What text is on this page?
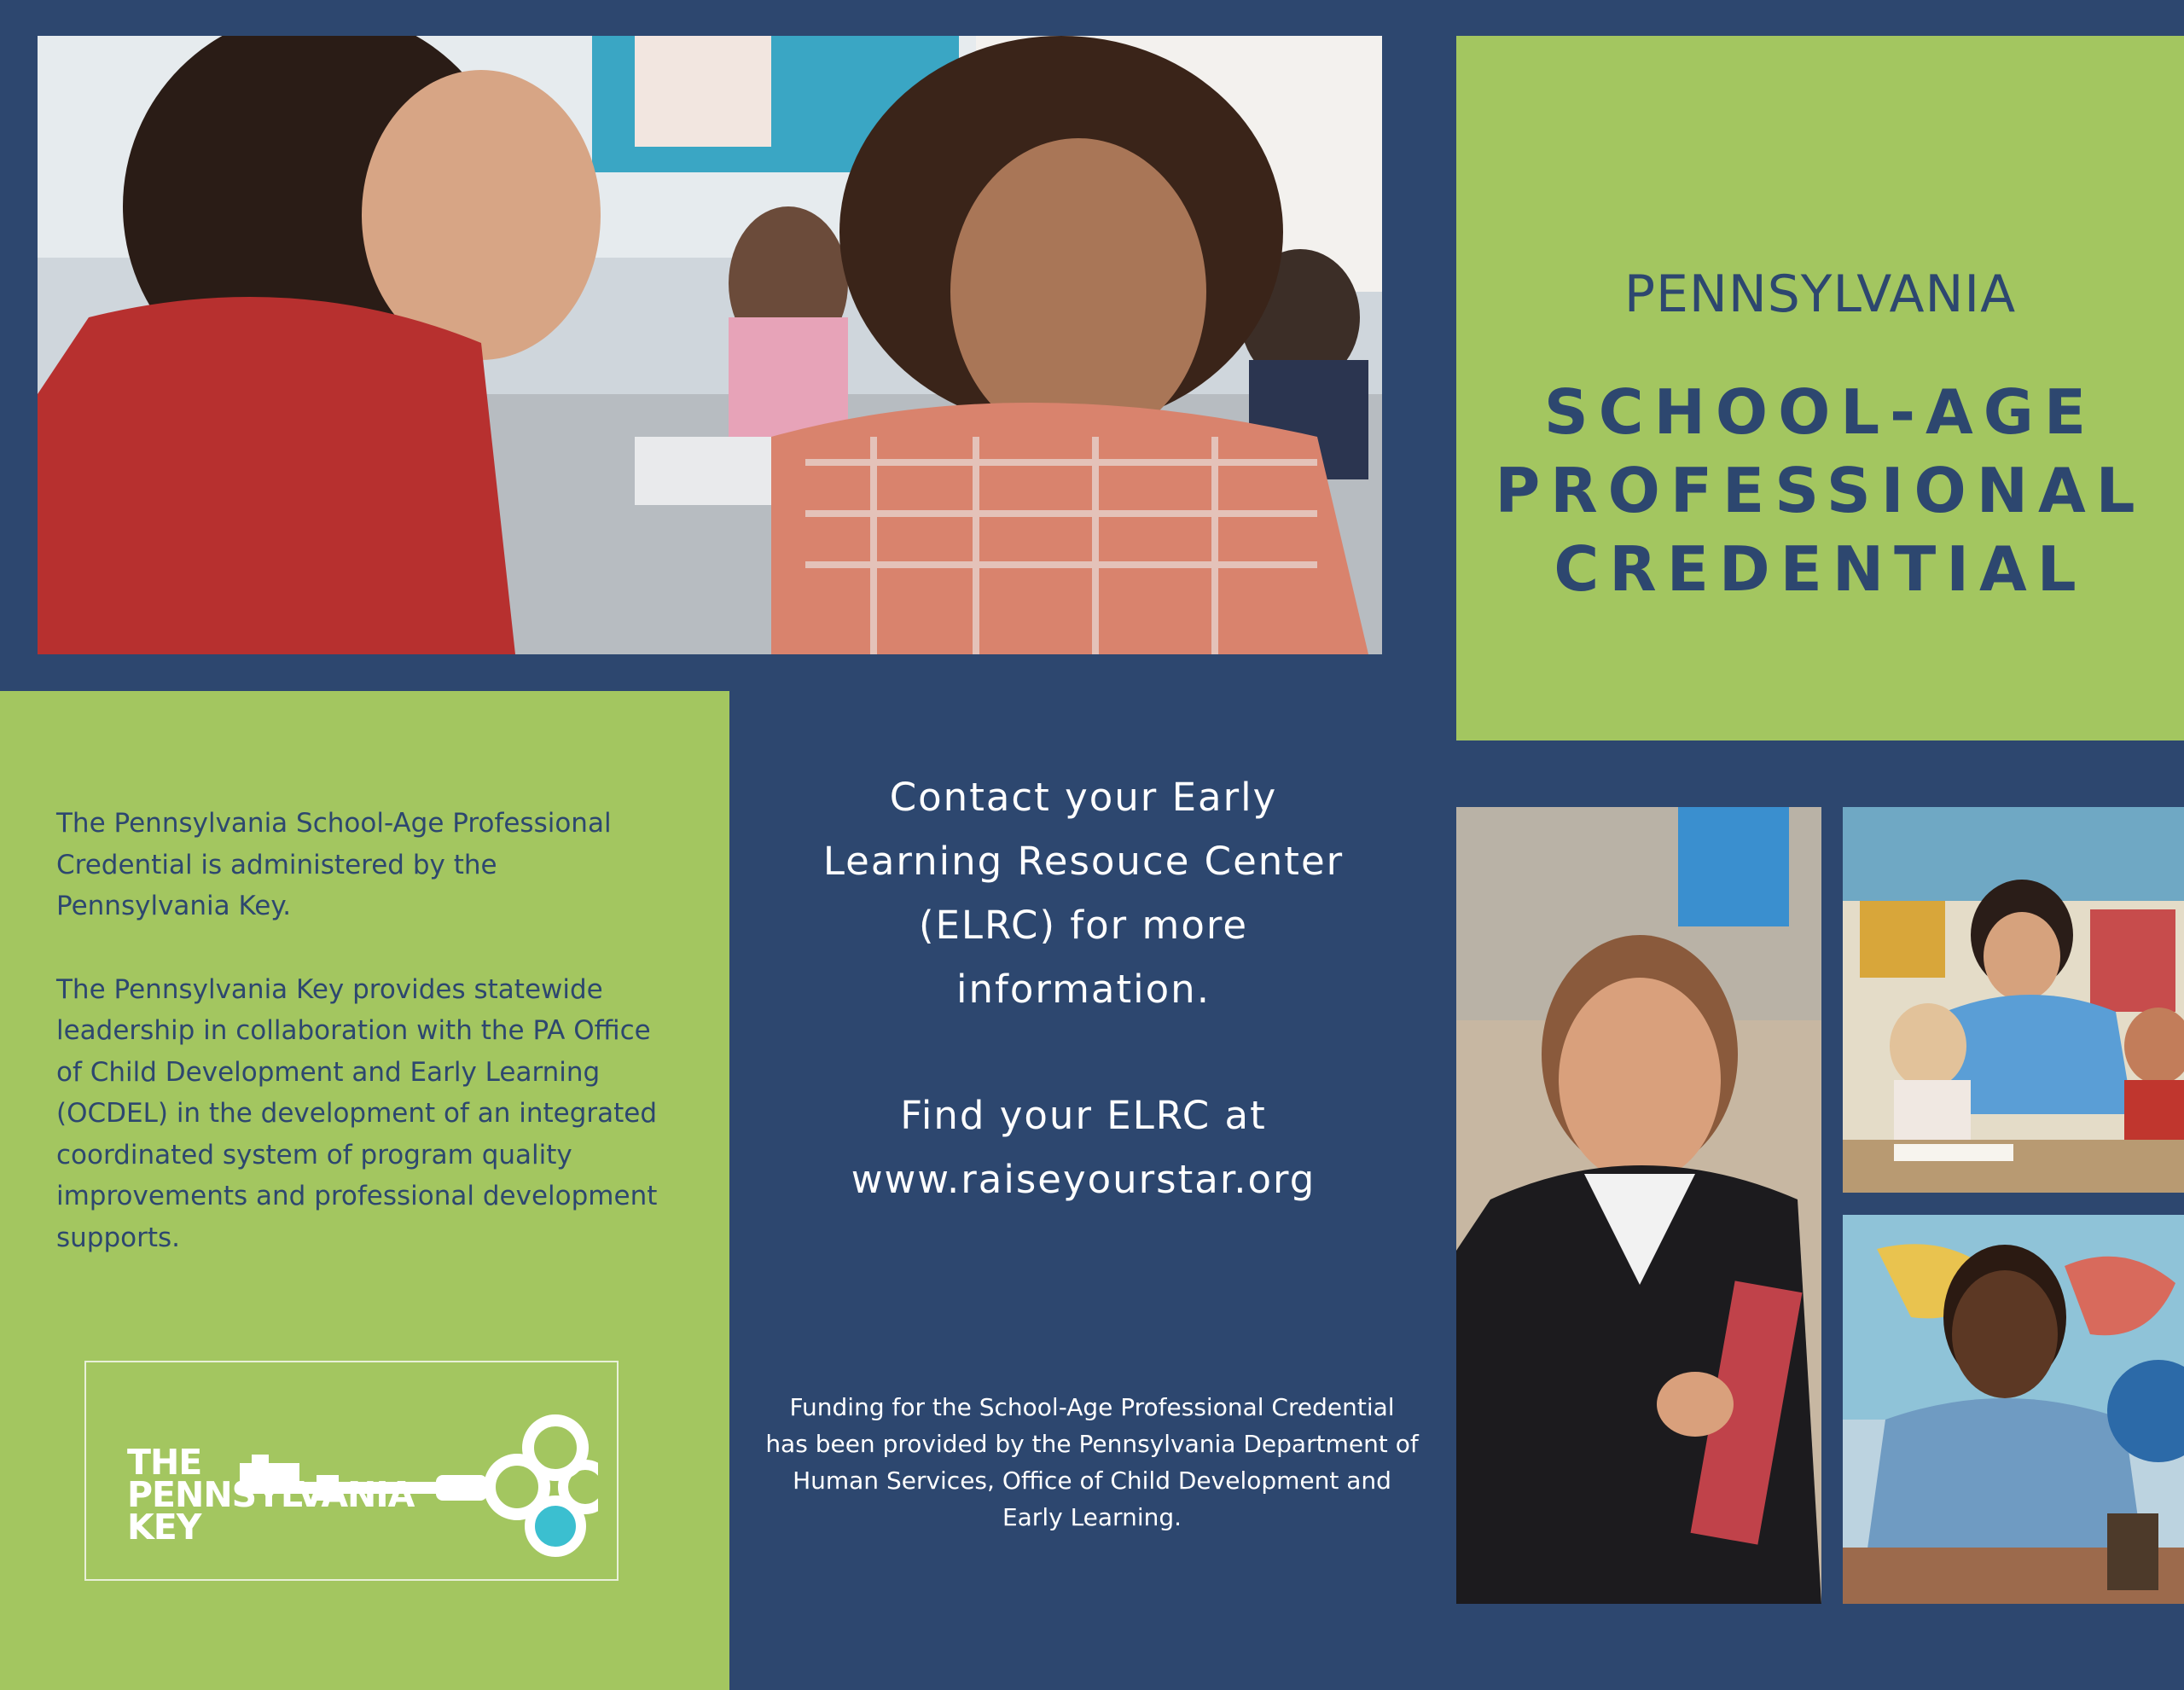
PENNSYLVANIA
SCHOOL-AGE
PROFESSIONAL
CREDENTIAL

The Pennsylvania School-Age Professional Credential is administered by the Pennsylvania Key.

The Pennsylvania Key provides statewide leadership in collaboration with the PA Office of Child Development and Early Learning (OCDEL) in the development of an integrated coordinated system of program quality improvements and professional development supports.

THE
PENNSYLVANIA
KEY
Contact your Early
Learning Resouce Center
(ELRC) for more
information.
Find your ELRC at
www.raiseyourstar.org
Funding for the School-Age Professional Credential
has been provided by the Pennsylvania Department of
Human Services, Office of Child Development and
Early Learning.
